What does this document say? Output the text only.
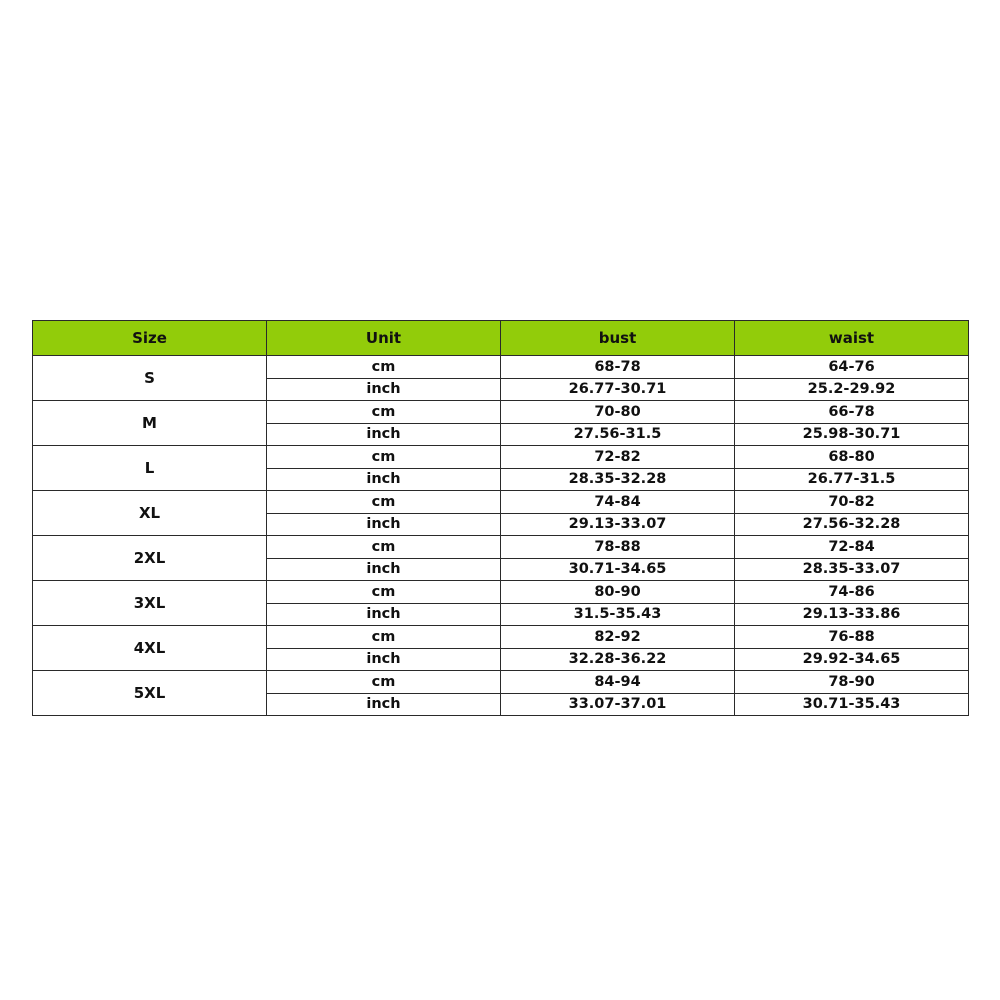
Size	Unit	bust	waist
S	cm	68-78	64-76
	inch	26.77-30.71	25.2-29.92
M	cm	70-80	66-78
	inch	27.56-31.5	25.98-30.71
L	cm	72-82	68-80
	inch	28.35-32.28	26.77-31.5
XL	cm	74-84	70-82
	inch	29.13-33.07	27.56-32.28
2XL	cm	78-88	72-84
	inch	30.71-34.65	28.35-33.07
3XL	cm	80-90	74-86
	inch	31.5-35.43	29.13-33.86
4XL	cm	82-92	76-88
	inch	32.28-36.22	29.92-34.65
5XL	cm	84-94	78-90
	inch	33.07-37.01	30.71-35.43
